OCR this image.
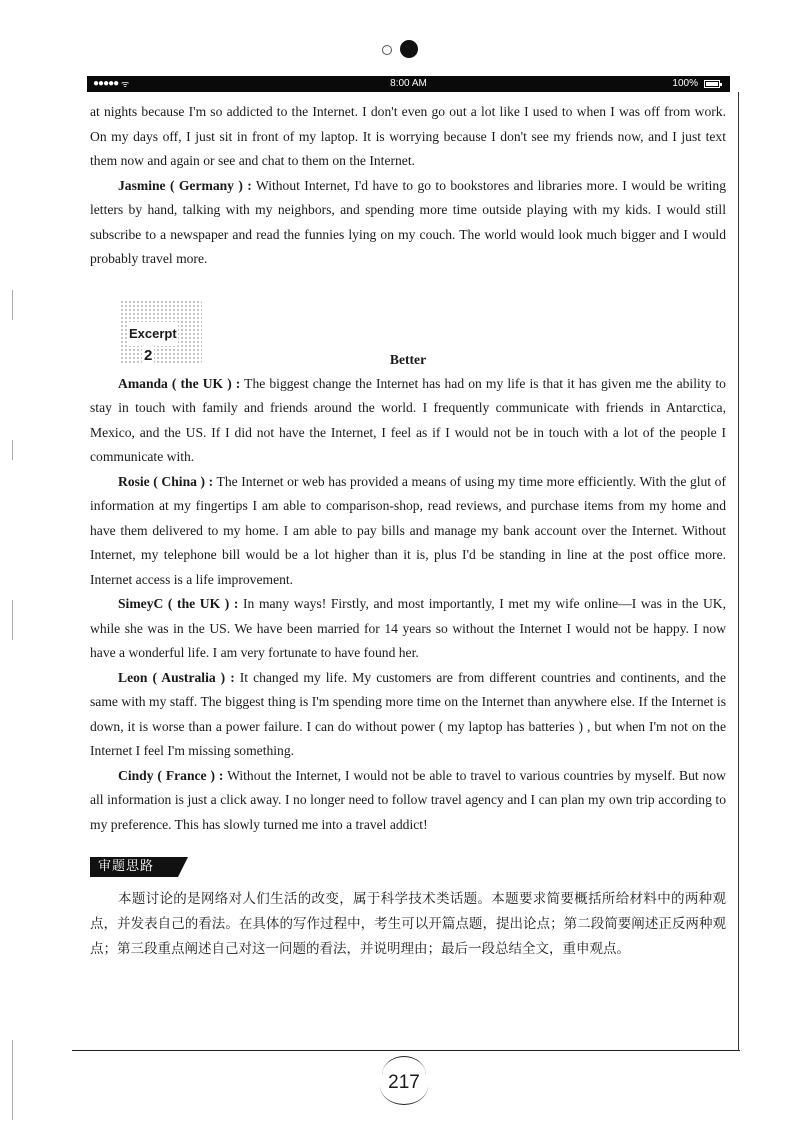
●●●●● ᯤ	8:00 AM	100%

at nights because I'm so addicted to the Internet. I don't even go out a lot like I used to when I was off from work. On my days off, I just sit in front of my laptop. It is worrying because I don't see my friends now, and I just text them now and again or see and chat to them on the Internet.

Jasmine ( Germany ) : Without Internet, I'd have to go to bookstores and libraries more. I would be writing letters by hand, talking with my neighbors, and spending more time outside playing with my kids. I would still subscribe to a newspaper and read the funnies lying on my couch. The world would look much bigger and I would probably travel more.

Excerpt
2	Better

Amanda ( the UK ) : The biggest change the Internet has had on my life is that it has given me the ability to stay in touch with family and friends around the world. I frequently communicate with friends in Antarctica, Mexico, and the US. If I did not have the Internet, I feel as if I would not be in touch with a lot of the people I communicate with.

Rosie ( China ) : The Internet or web has provided a means of using my time more efficiently. With the glut of information at my fingertips I am able to comparison-shop, read reviews, and purchase items from my home and have them delivered to my home. I am able to pay bills and manage my bank account over the Internet. Without Internet, my telephone bill would be a lot higher than it is, plus I'd be standing in line at the post office more. Internet access is a life improvement.

SimeyC ( the UK ) : In many ways! Firstly, and most importantly, I met my wife online—I was in the UK, while she was in the US. We have been married for 14 years so without the Internet I would not be happy. I now have a wonderful life. I am very fortunate to have found her.

Leon ( Australia ) : It changed my life. My customers are from different countries and continents, and the same with my staff. The biggest thing is I'm spending more time on the Internet than anywhere else. If the Internet is down, it is worse than a power failure. I can do without power ( my laptop has batteries ) , but when I'm not on the Internet I feel I'm missing something.

Cindy ( France ) : Without the Internet, I would not be able to travel to various countries by myself. But now all information is just a click away. I no longer need to follow travel agency and I can plan my own trip according to my preference. This has slowly turned me into a travel addict!

审题思路

本题讨论的是网络对人们生活的改变，属于科学技术类话题。本题要求简要概括所给材料中的两种观点，并发表自己的看法。在具体的写作过程中，考生可以开篇点题，提出论点；第二段简要阐述正反两种观点；第三段重点阐述自己对这一问题的看法，并说明理由；最后一段总结全文，重申观点。

217
